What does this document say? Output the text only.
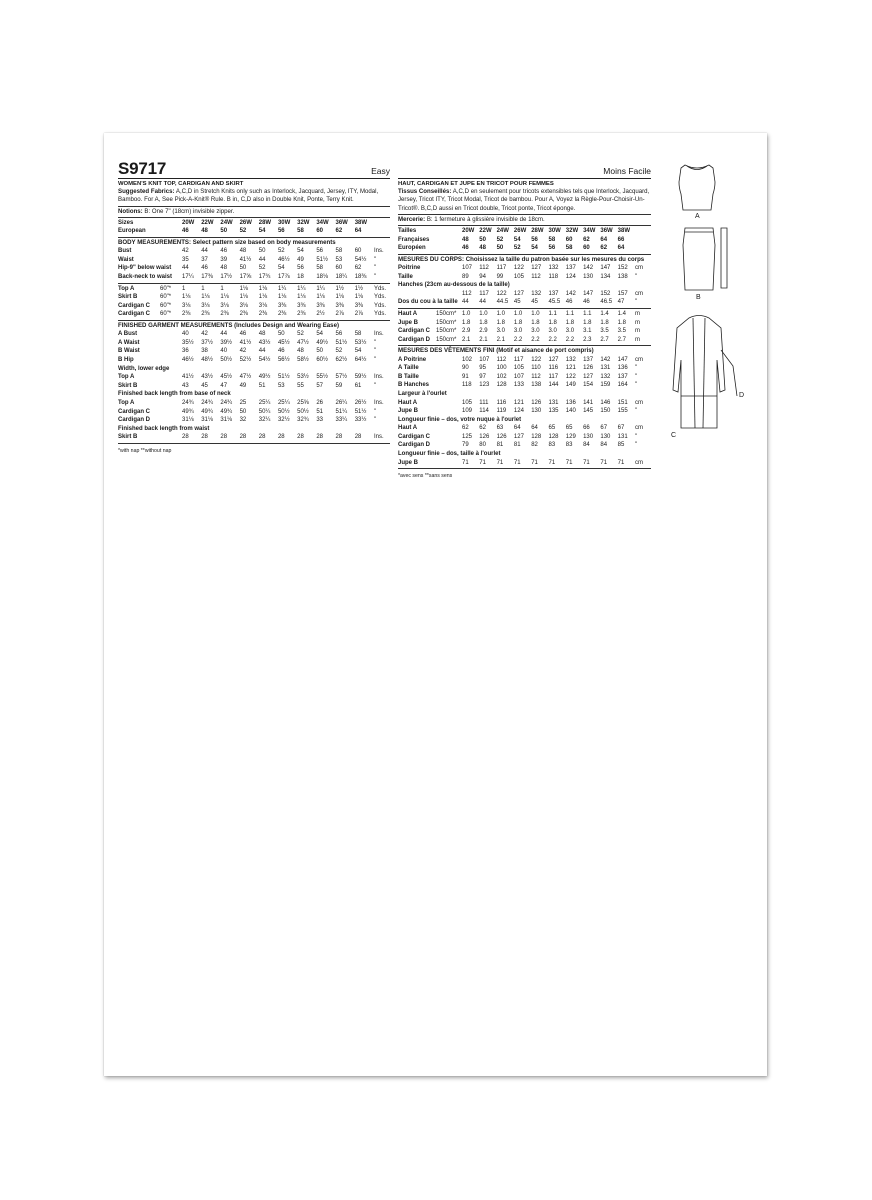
S9717	Easy
WOMEN'S KNIT TOP, CARDIGAN AND SKIRT

Suggested Fabrics: A,C,D in Stretch Knits only such as Interlock, Jacquard, Jersey, ITY, Modal, Bamboo. For A, See Pick-A-Knit® Rule. B in, C,D also in Double Knit, Ponte, Terry Knit.

Notions: B: One 7" (18cm) invisible zipper.

Sizes	20W	22W	24W	26W	28W	30W	32W	34W	36W	38W	
European	46	48	50	52	54	56	58	60	62	64	
BODY MEASUREMENTS: Select pattern size based on body measurements
Bust	42	44	46	48	50	52	54	56	58	60	Ins.
Waist	35	37	39	41½	44	46½	49	51½	53	54½	"
Hip-9" below waist	44	46	48	50	52	54	56	58	60	62	"
Back-neck to waist	17¼	17⅜	17½	17⅝	17¾	17⅞	18	18⅛	18¼	18⅜	"
Top A	60"*	1	1	1	1⅛	1⅛	1¼	1¼	1¼	1½	1½	Yds.
Skirt B	60"*	1⅛	1⅛	1⅛	1⅛	1⅛	1⅛	1⅛	1⅛	1⅛	1⅛	Yds.
Cardigan C	60"*	3⅛	3⅛	3⅛	3⅛	3⅛	3⅜	3⅜	3⅜	3⅜	3⅜	Yds.
Cardigan C	60"*	2⅜	2⅜	2⅜	2⅜	2⅜	2⅜	2⅜	2½	2⅞	2⅞	Yds.
FINISHED GARMENT MEASUREMENTS (Includes Design and Wearing Ease)
A Bust	40	42	44	46	48	50	52	54	56	58	Ins.
A Waist	35½	37½	39½	41½	43½	45½	47½	49½	51½	53½	"
B Waist	36	38	40	42	44	46	48	50	52	54	"
B Hip	46½	48½	50½	52½	54½	56½	58½	60½	62½	64½	"
Width, lower edge											
Top A	41½	43½	45½	47½	49½	51½	53½	55½	57½	59½	Ins.
Skirt B	43	45	47	49	51	53	55	57	59	61	"
Finished back length from base of neck											
Top A	24¾	24¾	24¾	25	25¼	25¼	25⅝	26	26¼	26½	Ins.
Cardigan C	49¾	49¾	49¾	50	50¼	50½	50½	51	51¼	51½	"
Cardigan D	31⅛	31⅛	31⅛	32	32¼	32½	32¾	33	33¼	33½	"
Finished back length from waist											
Skirt B	28	28	28	28	28	28	28	28	28	28	Ins.
*with nap **without nap
Moins Facile
HAUT, CARDIGAN ET JUPE EN TRICOT POUR FEMMES

Tissus Conseillés: A,C,D en seulement pour tricots extensibles tels que Interlock, Jacquard, Jersey, Tricot ITY, Tricot Modal, Tricot de bambou. Pour A, Voyez la Règle-Pour-Choisir-Un-Tricot®. B,C,D aussi en Tricot double, Tricot ponte, Tricot éponge.

Mercerie: B: 1 fermeture à glissière invisible de 18cm.

Tailles	20W	22W	24W	26W	28W	30W	32W	34W	36W	38W	
Françaises	48	50	52	54	56	58	60	62	64	66	
Européen	46	48	50	52	54	56	58	60	62	64	
MESURES DU CORPS: Choisissez la taille du patron basée sur les mesures du corps
Poitrine	107	112	117	122	127	132	137	142	147	152	cm
Taille	89	94	99	105	112	118	124	130	134	138	"
Hanches (23cm au-dessous de la taille)											
	112	117	122	127	132	137	142	147	152	157	cm
Dos du cou à la taille	44	44	44.5	45	45	45.5	46	46	46.5	47	"
Haut A	150cm*	1.0	1.0	1.0	1.0	1.0	1.1	1.1	1.1	1.4	1.4	m
Jupe B	150cm*	1.8	1.8	1.8	1.8	1.8	1.8	1.8	1.8	1.8	1.8	m
Cardigan C	150cm*	2.9	2.9	3.0	3.0	3.0	3.0	3.0	3.1	3.5	3.5	m
Cardigan D	150cm*	2.1	2.1	2.1	2.2	2.2	2.2	2.2	2.3	2.7	2.7	m
MESURES DES VÊTEMENTS FINI (Motif et aisance de port compris)
A Poitrine	102	107	112	117	122	127	132	137	142	147	cm
A Taille	90	95	100	105	110	116	121	126	131	136	"
B Taille	91	97	102	107	112	117	122	127	132	137	"
B Hanches	118	123	128	133	138	144	149	154	159	164	"
Largeur à l'ourlet											
Haut A	105	111	116	121	126	131	136	141	146	151	cm
Jupe B	109	114	119	124	130	135	140	145	150	155	"
Longueur finie – dos, votre nuque à l'ourlet											
Haut A	62	62	63	64	64	65	65	66	67	67	cm
Cardigan C	125	126	126	127	128	128	129	130	130	131	"
Cardigan D	79	80	81	81	82	83	83	84	84	85	"
Longueur finie – dos, taille à l'ourlet											
Jupe B	71	71	71	71	71	71	71	71	71	71	cm
*avec sens **sans sens
A
B
C
D
